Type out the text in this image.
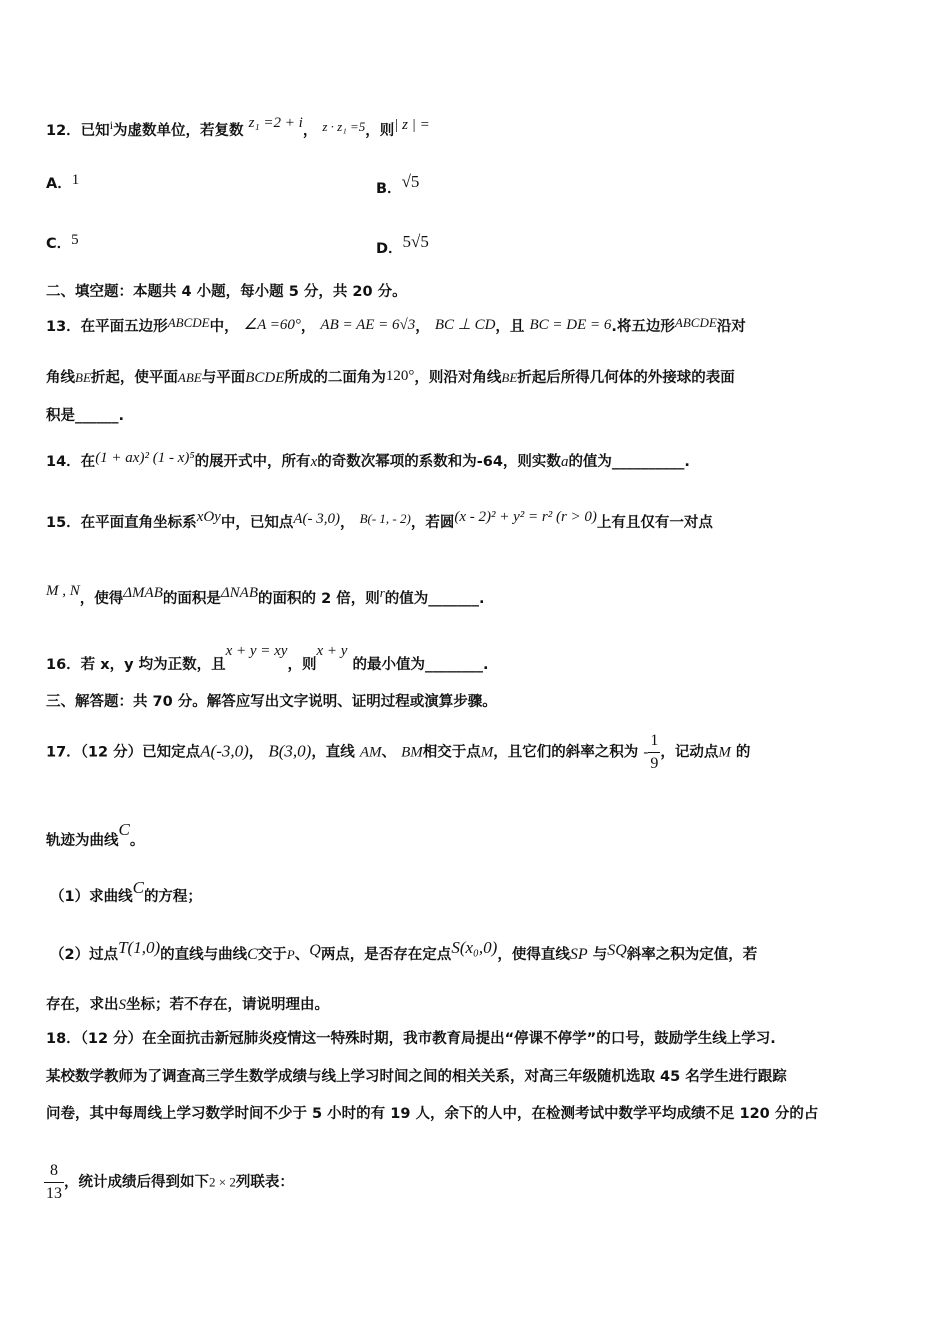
12．已知$^i$为虚数单位，若复数 z₁ =2 + i， z · z₁ =5，则| z | =
A．1
B．√5
C．5
D．5√5
二、填空题：本题共 4 小题，每小题 5 分，共 20 分。
13．在平面五边形ABCDE中， ∠A =60°， AB = AE = 6√3， BC ⊥ CD，且 BC = DE = 6.将五边形ABCDE沿对
角线BE折起，使平面ABE与平面BCDE所成的二面角为120°，则沿对角线BE折起后所得几何体的外接球的表面
积是______.
14．在(1 + ax)² (1 - x)⁵的展开式中，所有x的奇数次幂项的系数和为-64，则实数a的值为__________.
15．在平面直角坐标系xOy中，已知点A(- 3,0)， B(- 1, - 2)，若圆(x - 2)² + y² = r² (r > 0)上有且仅有一对点
M , N，使得ΔMAB的面积是ΔNAB的面积的 2 倍，则r的值为_______.
16．若 x，y 均为正数，且x + y = xy，则x + y 的最小值为________.
三、解答题：共 70 分。解答应写出文字说明、证明过程或演算步骤。
17．（12 分）已知定点A(-3,0)， B(3,0)，直线 AM、 BM相交于点M，且它们的斜率之积为 - $\frac{1}{9}$ ，记动点M 的
轨迹为曲线C。
（1）求曲线C的方程；
（2）过点T(1,0)的直线与曲线C交于P、Q两点，是否存在定点S(x₀,0)，使得直线SP 与SQ斜率之积为定值，若
存在，求出S坐标；若不存在，请说明理由。
18．（12 分）在全面抗击新冠肺炎疫情这一特殊时期，我市教育局提出“停课不停学”的口号，鼓励学生线上学习.
某校数学教师为了调查高三学生数学成绩与线上学习时间之间的相关关系，对高三年级随机选取 45 名学生进行跟踪
问卷，其中每周线上学习数学时间不少于 5 小时的有 19 人，余下的人中，在检测考试中数学平均成绩不足 120 分的占
$\frac{8}{13}$ ，统计成绩后得到如下2 × 2列联表：
